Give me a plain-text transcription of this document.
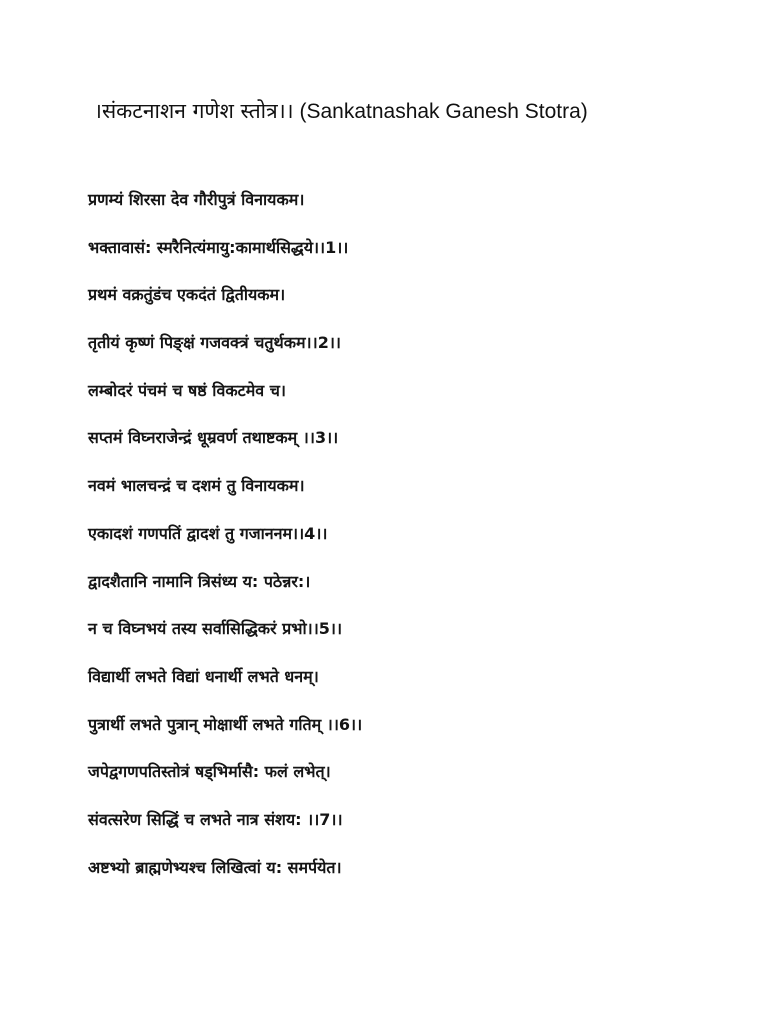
।संकटनाशन गणेश स्तोत्र।। (Sankatnashak Ganesh Stotra)
प्रणम्यं शिरसा देव गौरीपुत्रं विनायकम।
भक्तावासं: स्मरैनित्यंमायु:कामार्थसिद्धये।।1।।
प्रथमं वक्रतुंडंच एकदंतं द्वितीयकम।
तृतीयं कृष्णं पिङ्क्षं गजवक्त्रं चतुर्थकम।।2।।
लम्बोदरं पंचमं च षष्ठं विकटमेव च।
सप्तमं विघ्नराजेन्द्रं धूम्रवर्ण तथाष्टकम् ।।3।।
नवमं भालचन्द्रं च दशमं तु विनायकम।
एकादशं गणपतिं द्वादशं तु गजाननम।।4।।
द्वादशैतानि नामानि त्रिसंध्य य: पठेन्नर:।
न च विघ्नभयं तस्य सर्वासिद्धिकरं प्रभो।।5।।
विद्यार्थी लभते विद्यां धनार्थी लभते धनम्।
पुत्रार्थी लभते पुत्रान् मोक्षार्थी लभते गतिम् ।।6।।
जपेद्वगणपतिस्तोत्रं षड्भिर्मासै: फलं लभेत्।
संवत्सरेण सिद्धिं च लभते नात्र संशय: ।।7।।
अष्टभ्यो ब्राह्मणेभ्यश्च लिखित्वां य: समर्पयेत।
